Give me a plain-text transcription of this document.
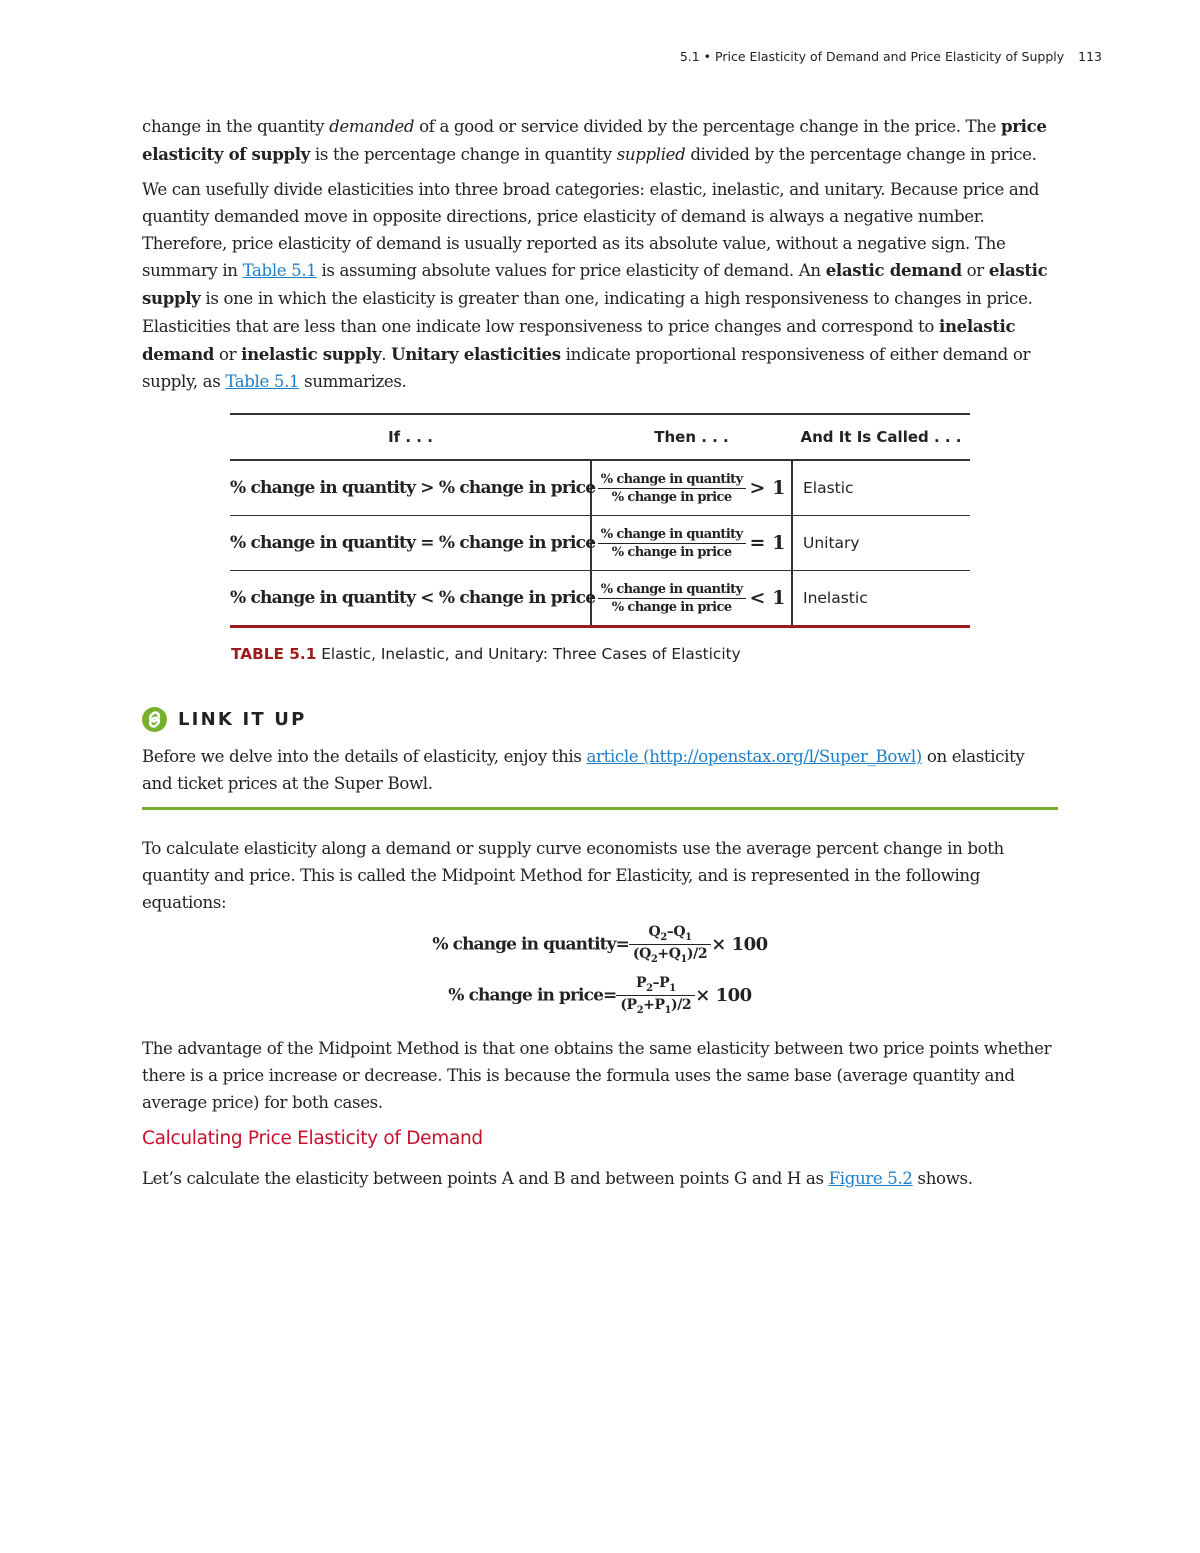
5.1 • Price Elasticity of Demand and Price Elasticity of Supply 113

change in the quantity demanded of a good or service divided by the percentage change in the price. The price elasticity of supply is the percentage change in quantity supplied divided by the percentage change in price.

We can usefully divide elasticities into three broad categories: elastic, inelastic, and unitary. Because price and quantity demanded move in opposite directions, price elasticity of demand is always a negative number. Therefore, price elasticity of demand is usually reported as its absolute value, without a negative sign. The summary in Table 5.1 is assuming absolute values for price elasticity of demand. An elastic demand or elastic supply is one in which the elasticity is greater than one, indicating a high responsiveness to changes in price. Elasticities that are less than one indicate low responsiveness to price changes and correspond to inelastic demand or inelastic supply. Unitary elasticities indicate proportional responsiveness of either demand or supply, as Table 5.1 summarizes.

If . . .	Then . . .	And It Is Called . . .
% change in quantity > % change in price	$\frac{\text{\% change in quantity}}{\text{\% change in price}} > 1$	Elastic
% change in quantity = % change in price	$\frac{\text{\% change in quantity}}{\text{\% change in price}} = 1$	Unitary
% change in quantity < % change in price	$\frac{\text{\% change in quantity}}{\text{\% change in price}} < 1$	Inelastic
TABLE 5.1 Elastic, Inelastic, and Unitary: Three Cases of Elasticity
LINK IT UP

Before we delve into the details of elasticity, enjoy this article (http://openstax.org/l/Super_Bowl) on elasticity and ticket prices at the Super Bowl.

To calculate elasticity along a demand or supply curve economists use the average percent change in both quantity and price. This is called the Midpoint Method for Elasticity, and is represented in the following equations:

% change in quantity= $\frac{Q_2-Q_1}{(Q_2+Q_1)/2} \times 100$
% change in price= $\frac{P_2-P_1}{(P_2+P_1)/2} \times 100$

The advantage of the Midpoint Method is that one obtains the same elasticity between two price points whether there is a price increase or decrease. This is because the formula uses the same base (average quantity and average price) for both cases.

Calculating Price Elasticity of Demand

Let’s calculate the elasticity between points A and B and between points G and H as Figure 5.2 shows.
